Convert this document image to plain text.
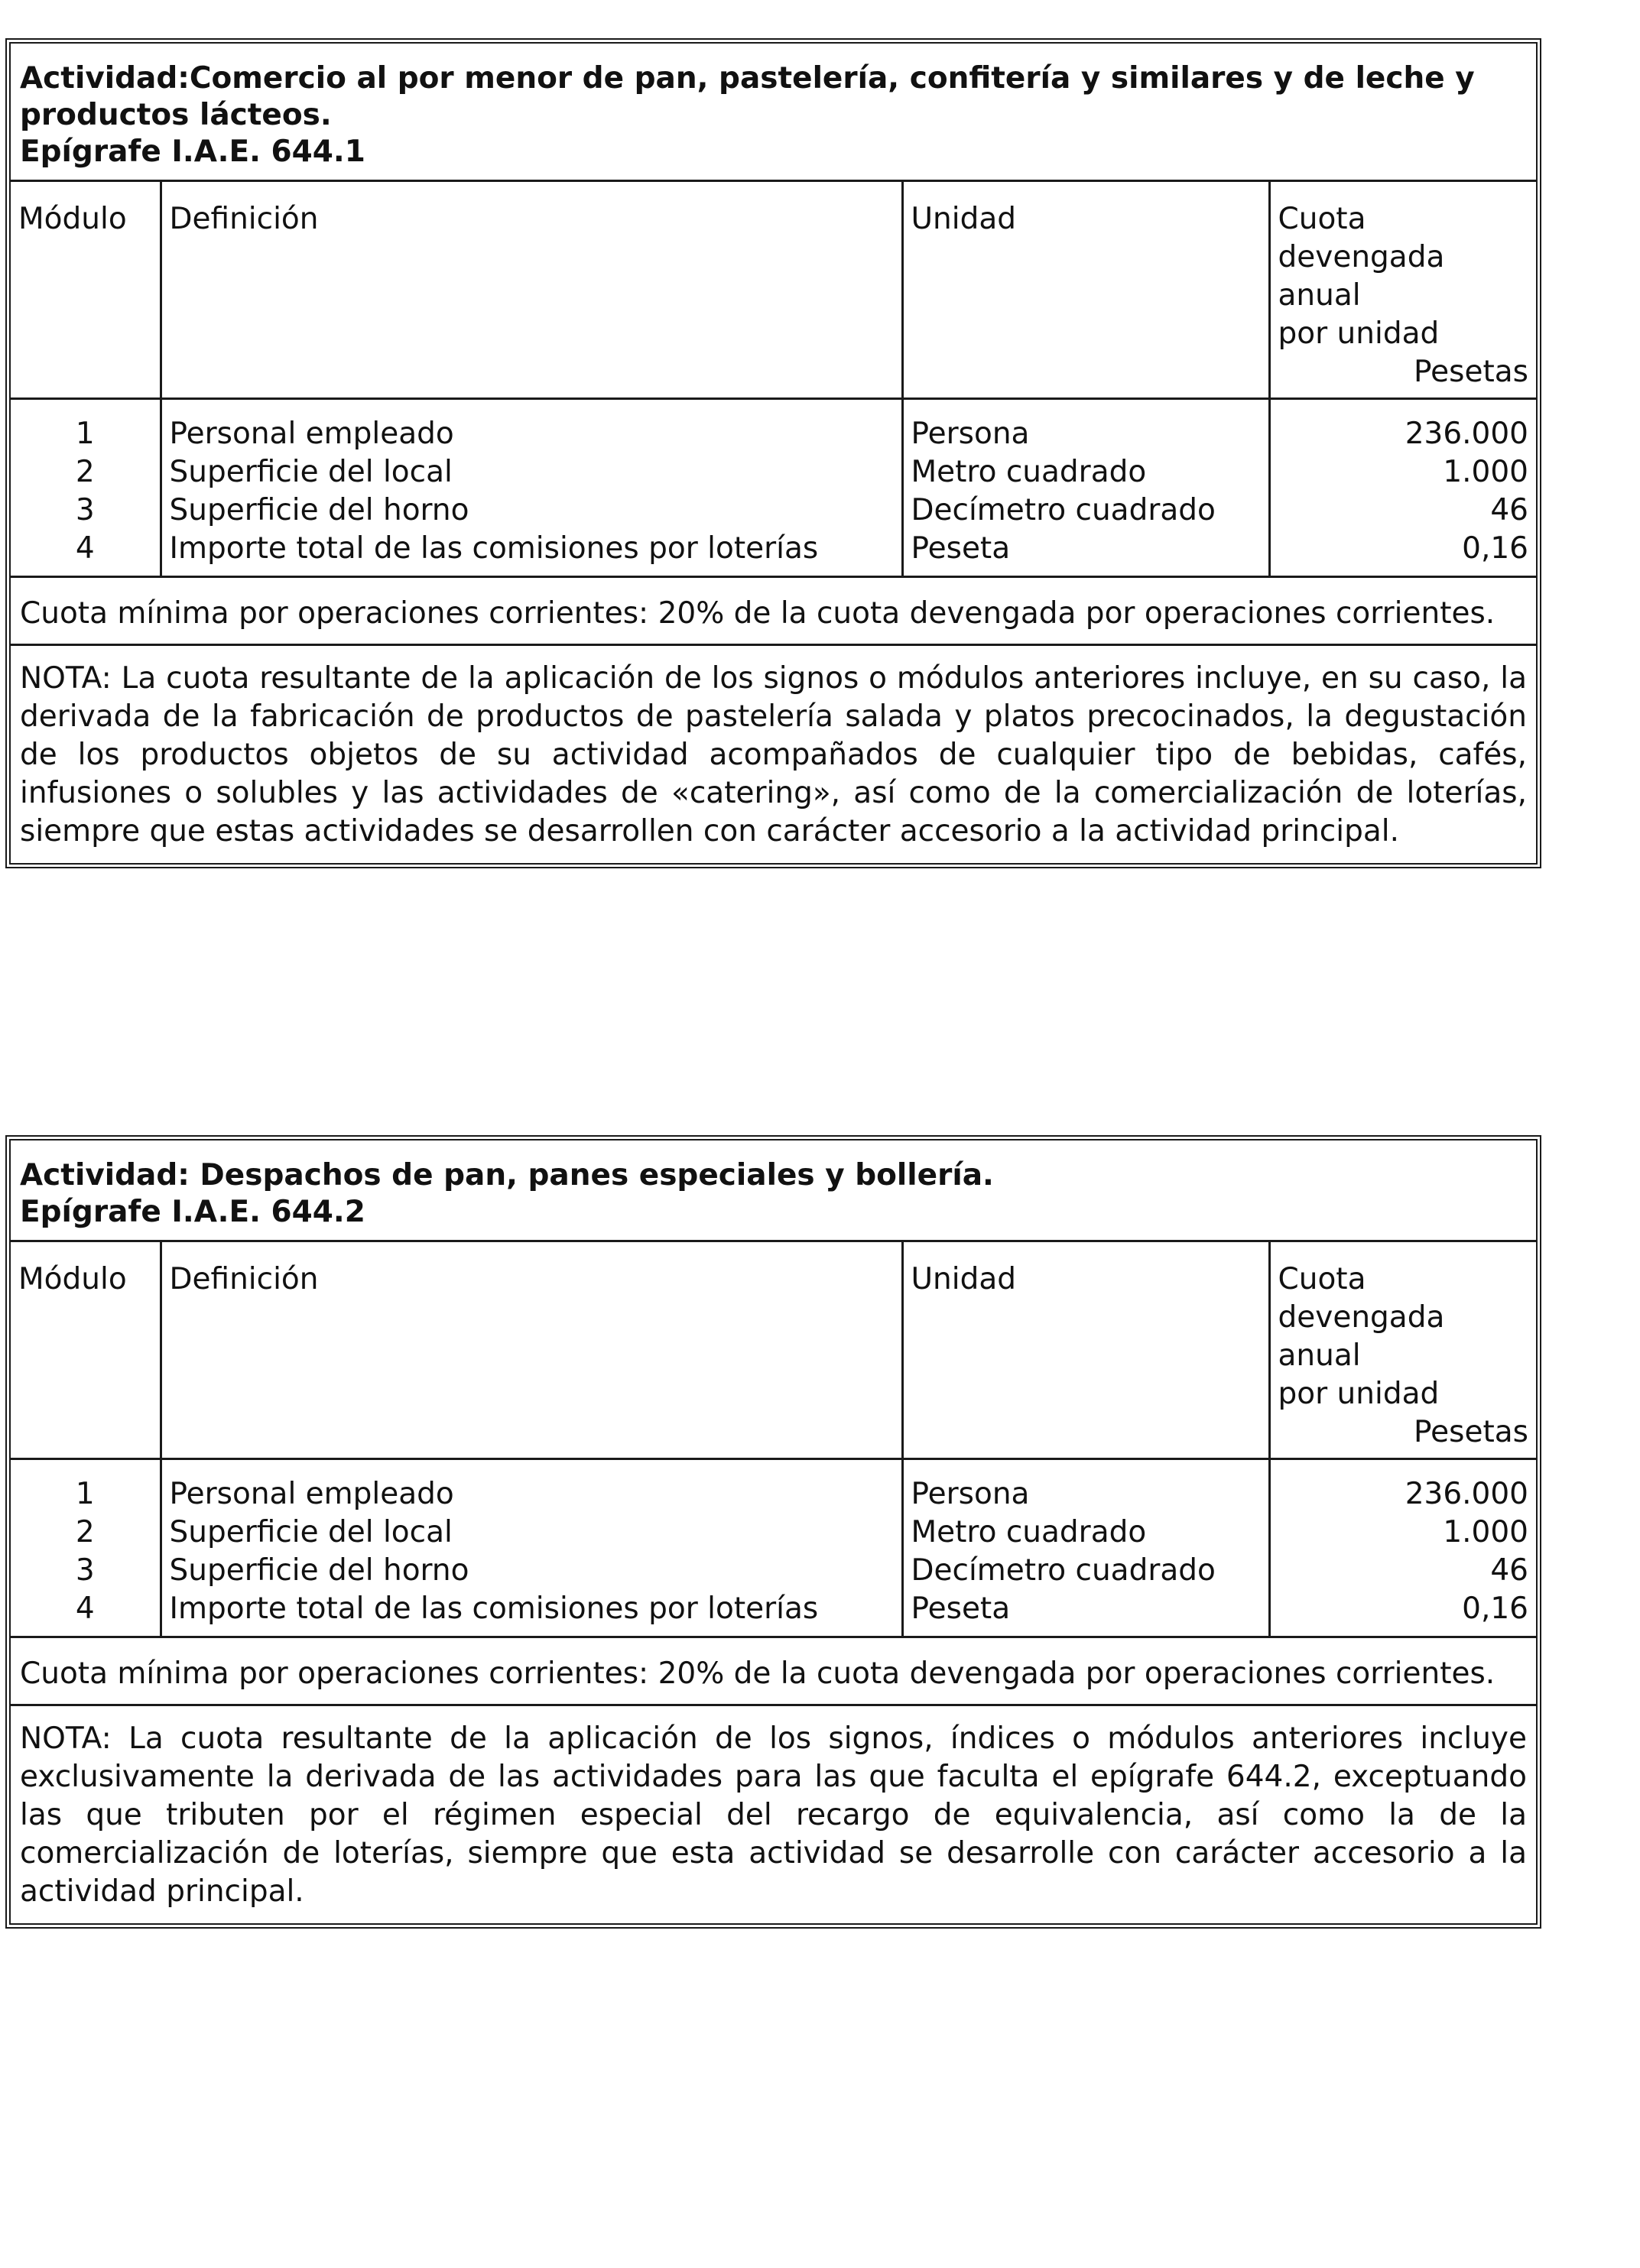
Actividad:Comercio al por menor de pan, pastelería, confitería y similares y de leche y
productos lácteos.
Epígrafe I.A.E. 644.1
Módulo	Definición	Unidad	Cuota
devengada
anual
por unidad
Pesetas

1	Personal empleado	Persona	236.000
2	Superficie del local	Metro cuadrado	1.000
3	Superficie del horno	Decímetro cuadrado	46
4	Importe total de las comisiones por loterías	Peseta	0,16
Cuota mínima por operaciones corrientes: 20% de la cuota devengada por operaciones corrientes.
NOTA: La cuota resultante de la aplicación de los signos o módulos anteriores incluye, en su caso, la derivada de la fabricación de productos de pastelería salada y platos precocinados, la degustación de los productos objetos de su actividad acompañados de cualquier tipo de bebidas, cafés, infusiones o solubles y las actividades de «catering», así como de la comercialización de loterías, siempre que estas actividades se desarrollen con carácter accesorio a la actividad principal.
Actividad: Despachos de pan, panes especiales y bollería.
Epígrafe I.A.E. 644.2
Módulo	Definición	Unidad	Cuota
devengada
anual
por unidad
Pesetas

1	Personal empleado	Persona	236.000
2	Superficie del local	Metro cuadrado	1.000
3	Superficie del horno	Decímetro cuadrado	46
4	Importe total de las comisiones por loterías	Peseta	0,16
Cuota mínima por operaciones corrientes: 20% de la cuota devengada por operaciones corrientes.
NOTA: La cuota resultante de la aplicación de los signos, índices o módulos anteriores incluye exclusivamente la derivada de las actividades para las que faculta el epígrafe 644.2, exceptuando las que tributen por el régimen especial del recargo de equivalencia, así como la de la comercialización de loterías, siempre que esta actividad se desarrolle con carácter accesorio a la actividad principal.
